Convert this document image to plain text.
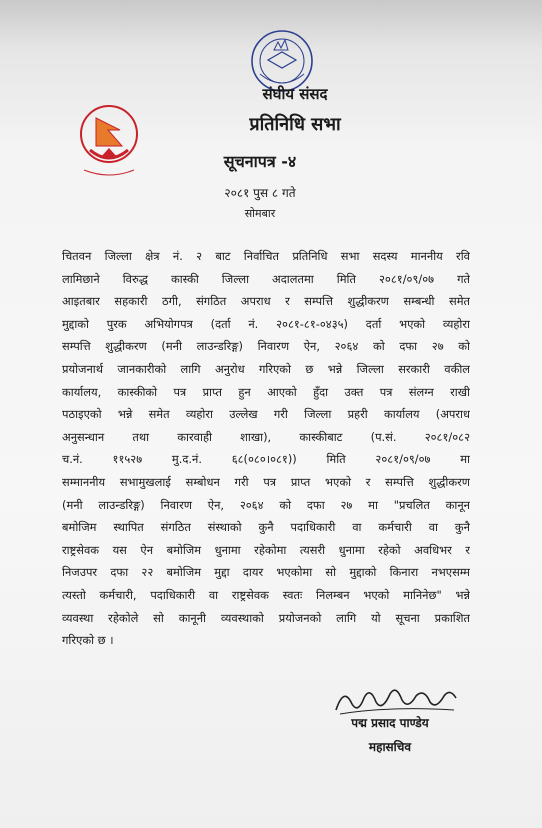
संघीय संसद
प्रतिनिधि सभा
सूचनापत्र -४
२०८१ पुस ८ गते
सोमबार
चितवन जिल्ला क्षेत्र नं. २ बाट निर्वाचित प्रतिनिधि सभा सदस्य माननीय रवि
लामिछाने विरुद्ध कास्की जिल्ला अदालतमा मिति २०८१/०९/०७ गते
आइतबार सहकारी ठगी, संगठित अपराध र सम्पत्ति शुद्धीकरण सम्बन्धी समेत
मुद्दाको पुरक अभियोगपत्र (दर्ता नं. २०८१-८१-०४३५) दर्ता भएको व्यहोरा
सम्पत्ति शुद्धीकरण (मनी लाउन्डरिङ्ग) निवारण ऐन, २०६४ को दफा २७ को
प्रयोजनार्थ जानकारीको लागि अनुरोध गरिएको छ भन्ने जिल्ला सरकारी वकील
कार्यालय, कास्कीको पत्र प्राप्त हुन आएको हुँदा उक्त पत्र संलग्न राखी
पठाइएको भन्ने समेत व्यहोरा उल्लेख गरी जिल्ला प्रहरी कार्यालय (अपराध
अनुसन्धान तथा कारवाही शाखा), कास्कीबाट (प.सं. २०८१/०८२
च.नं. ११५२७ मु.द.नं. ६८(०८०।०८१)) मिति २०८१/०९/०७ मा
सम्माननीय सभामुखलाई सम्बोधन गरी पत्र प्राप्त भएको र सम्पत्ति शुद्धीकरण
(मनी लाउन्डरिङ्ग) निवारण ऐन, २०६४ को दफा २७ मा "प्रचलित कानून
बमोजिम स्थापित संगठित संस्थाको कुनै पदाधिकारी वा कर्मचारी वा कुनै
राष्ट्रसेवक यस ऐन बमोजिम धुनामा रहेकोमा त्यसरी धुनामा रहेको अवधिभर र
निजउपर दफा २२ बमोजिम मुद्दा दायर भएकोमा सो मुद्दाको किनारा नभएसम्म
त्यस्तो कर्मचारी, पदाधिकारी वा राष्ट्रसेवक स्वतः निलम्बन भएको मानिनेछ" भन्ने
व्यवस्था रहेकोले सो कानूनी व्यवस्थाको प्रयोजनको लागि यो सूचना प्रकाशित
गरिएको छ ।
पद्म प्रसाद पाण्डेय
महासचिव
